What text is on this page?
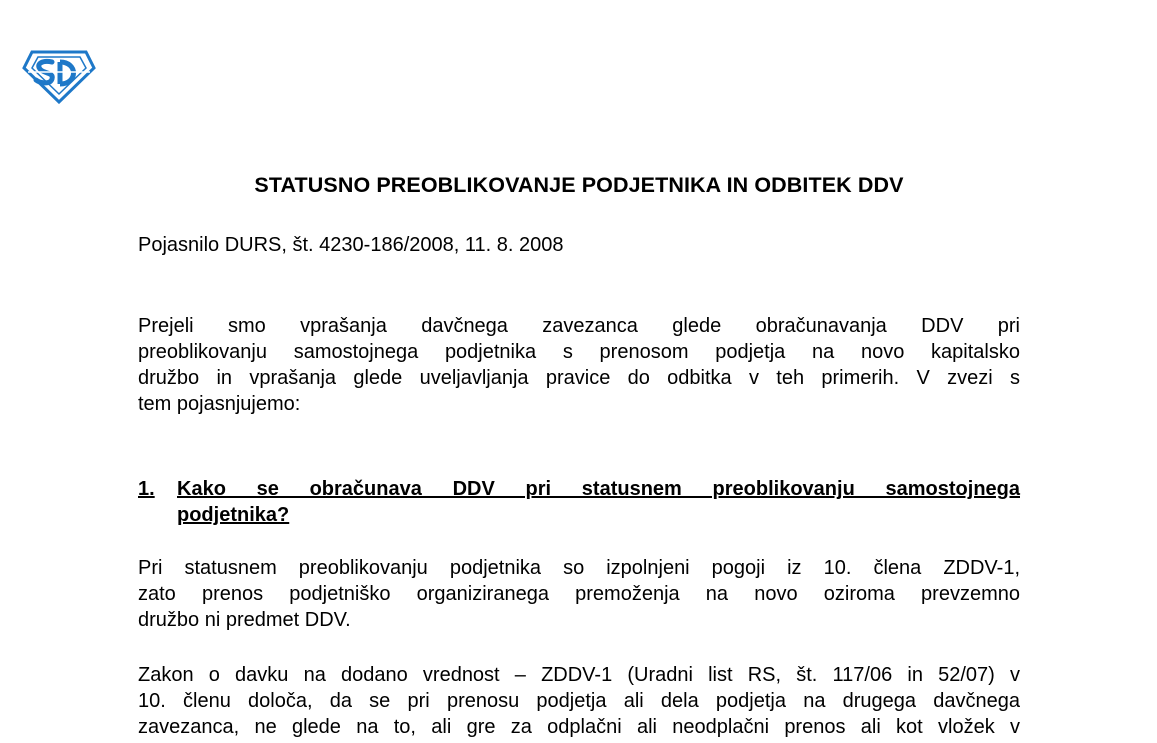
STATUSNO PREOBLIKOVANJE PODJETNIKA IN ODBITEK DDV

Pojasnilo DURS, št. 4230-186/2008, 11. 8. 2008

Prejeli smo vprašanja davčnega zavezanca glede obračunavanja DDV pri
preoblikovanju samostojnega podjetnika s prenosom podjetja na novo kapitalsko
družbo in vprašanja glede uveljavljanja pravice do odbitka v teh primerih. V zvezi s
tem pojasnjujemo:
1. Kako se obračunava DDV pri statusnem preoblikovanju samostojnega
podjetnika?
Pri statusnem preoblikovanju podjetnika so izpolnjeni pogoji iz 10. člena ZDDV-1,
zato prenos podjetniško organiziranega premoženja na novo oziroma prevzemno
družbo ni predmet DDV.
Zakon o davku na dodano vrednost – ZDDV-1 (Uradni list RS, št. 117/06 in 52/07) v
10. členu določa, da se pri prenosu podjetja ali dela podjetja na drugega davčnega
zavezanca, ne glede na to, ali gre za odplačni ali neodplačni prenos ali kot vložek v
